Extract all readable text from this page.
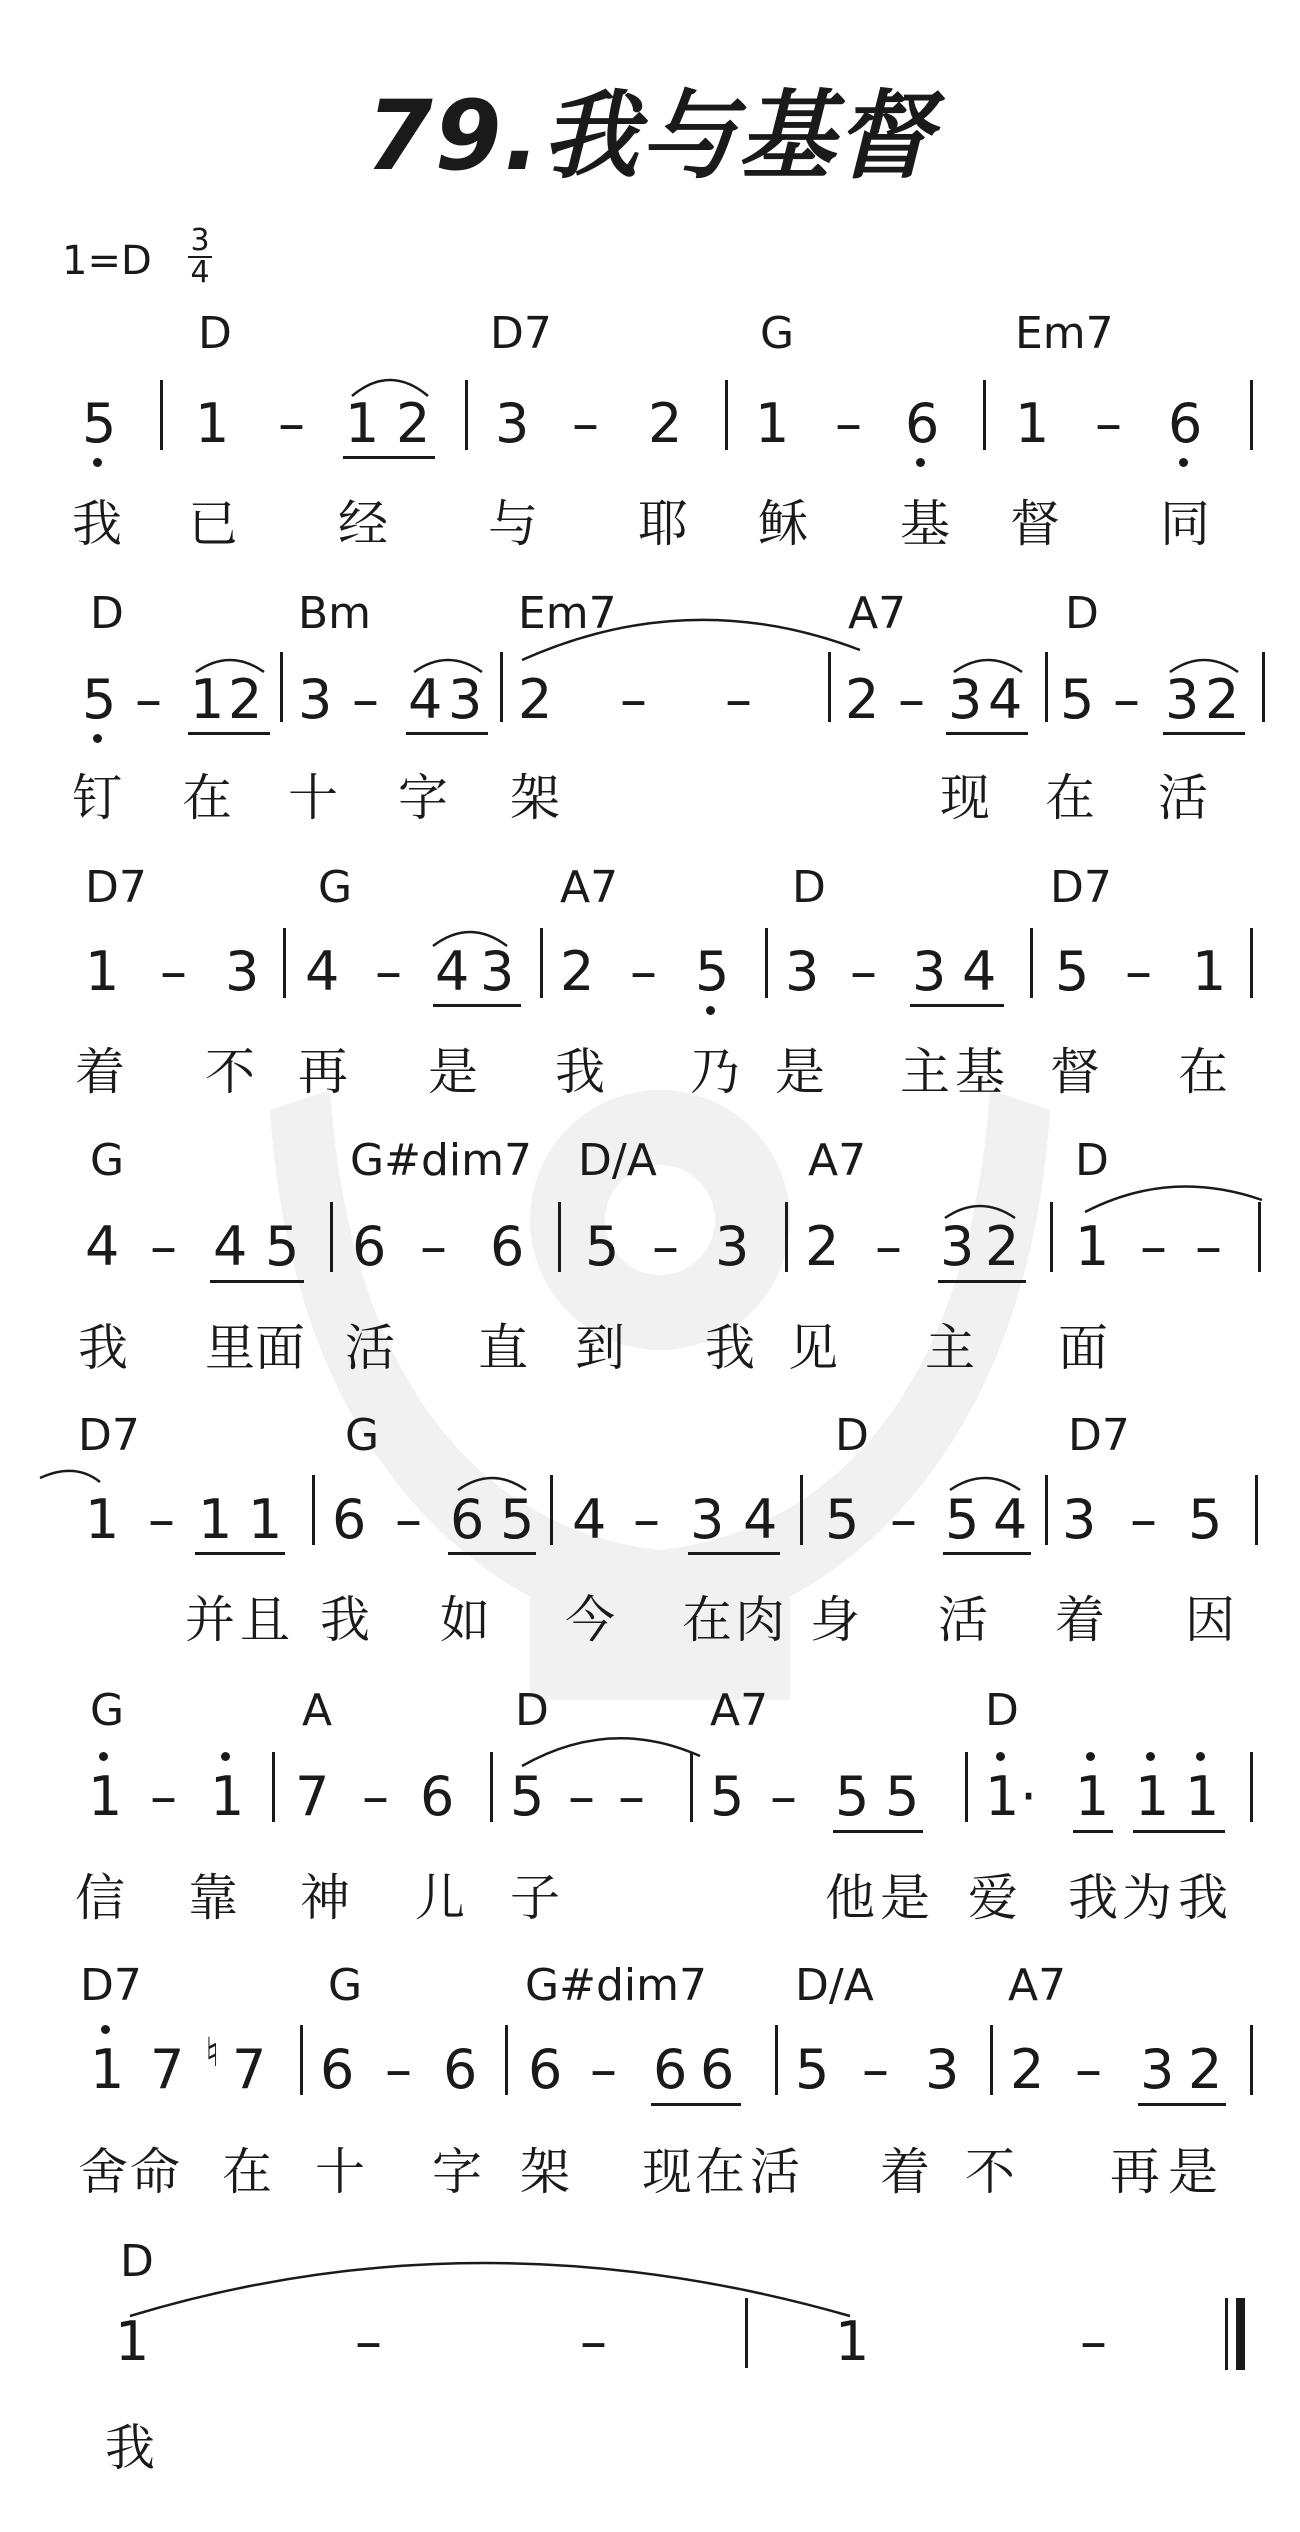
79.我与基督
1=D 3
4
D	D7	G	Em7
5 1 – 1 2 3 – 2 1 – 6 1 – 6
我 已 经 与 耶 稣 基 督 同
D	Bm	Em7	A7	D
5 – 1 2 3 – 4 3 2 – – 2 – 3 4 5 – 3 2
钉 在 十 字 架	现 在 活
D7	G	A7	D	D7
1 – 3 4 – 4 3 2 – 5 3 – 3 4 5 – 1
着 不 再 是 我 乃 是 主 基 督 在
G	G#dim7 D/A	A7	D
4 – 4 5 6 – 6 5 – 3 2 – 3 2 1 – –
我 里 面 活 直 到 我 见 主 面
D7	G	D	D7
1 – 1 1 6 – 6 5 4 – 3 4 5 – 5 4 3 – 5
并 且 我 如 今 在 肉 身 活 着 因
G	A	D	A7	D
1 – 1 7 – 6 5 – – 5 – 5 5 1 · 1 1 1
信 靠 神 儿 子	他 是 爱 我 为 我
D7	G	G#dim7 D/A	A7
1 7 ♮ 7 6 – 6 6 – 6 6 5 – 3 2 – 3 2
舍 命 在 十 字 架 现 在 活 着 不 再 是
D
1	–	–	1	–
我
